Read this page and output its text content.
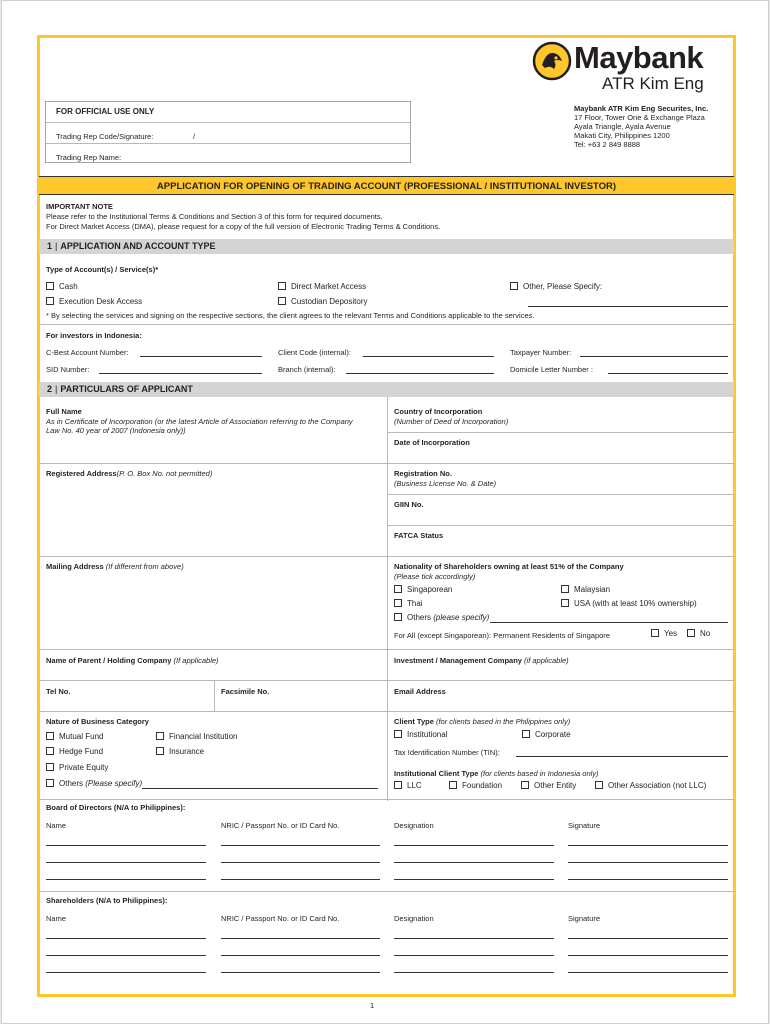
Maybank
ATR Kim Eng
FOR OFFICIAL USE ONLY
Trading Rep Code/Signature:	/
Trading Rep Name:
Maybank ATR Kim Eng Securites, Inc.
17 Floor, Tower One & Exchange Plaza
Ayala Triangle, Ayala Avenue
Makati City, Philippines 1200
Tel: +63 2 849 8888
APPLICATION FOR OPENING OF TRADING ACCOUNT (PROFESSIONAL / INSTITUTIONAL INVESTOR)
IMPORTANT NOTE
Please refer to the Institutional Terms & Conditions and Section 3 of this form for required documents.
For Direct Market Access (DMA), please request for a copy of the full version of Electronic Trading Terms & Conditions.
1 | APPLICATION AND ACCOUNT TYPE
Type of Account(s) / Service(s)*
Cash	Direct Market Access	Other, Please Specify:
Execution Desk Access	Custodian Depository
* By selecting the services and signing on the respective sections, the client agrees to the relevant Terms and Conditions applicable to the services.
For investors in Indonesia:
C-Best Account Number:	Client Code (internal):	Taxpayer Number:
SID Number:	Branch (internal):	Domicile Letter Number :
2 | PARTICULARS OF APPLICANT
Full Name
As in Certificate of Incorporation (or the latest Article of Association referring to the Company Law No. 40 year of 2007 (Indonesia only))
Country of Incorporation
(Number of Deed of Incorporation)
Date of Incorporation
Registered Address(P. O. Box No. not permitted)	Registration No.
(Business License No. & Date)
GIIN No.
FATCA Status
Mailing Address (If different from above)	Nationality of Shareholders owning at least 51% of the Company
(Please tick accordingly)
Singaporean	Malaysian
Thai	USA (with at least 10% ownership)
Others (please specify)
For All (except Singaporean): Permanent Residents of Singapore	Yes	No
Name of Parent / Holding Company (If applicable)	Investment / Management Company (if applicable)
Tel No.	Facsimile No.	Email Address
Nature of Business Category
Mutual Fund	Financial Institution
Hedge Fund	Insurance
Private Equity
Others (Please specify)
Client Type (for clients based in the Philippines only)
Institutional	Corporate
Tax Identification Number (TIN):
Institutional Client Type (for clients based in Indonesia only)
LLC	Foundation	Other Entity	Other Association (not LLC)
Board of Directors (N/A to Philippines):
Name	NRIC / Passport No. or ID Card No.	Designation	Signature
Shareholders (N/A to Philippines):
Name	NRIC / Passport No. or ID Card No.	Designation	Signature
1
